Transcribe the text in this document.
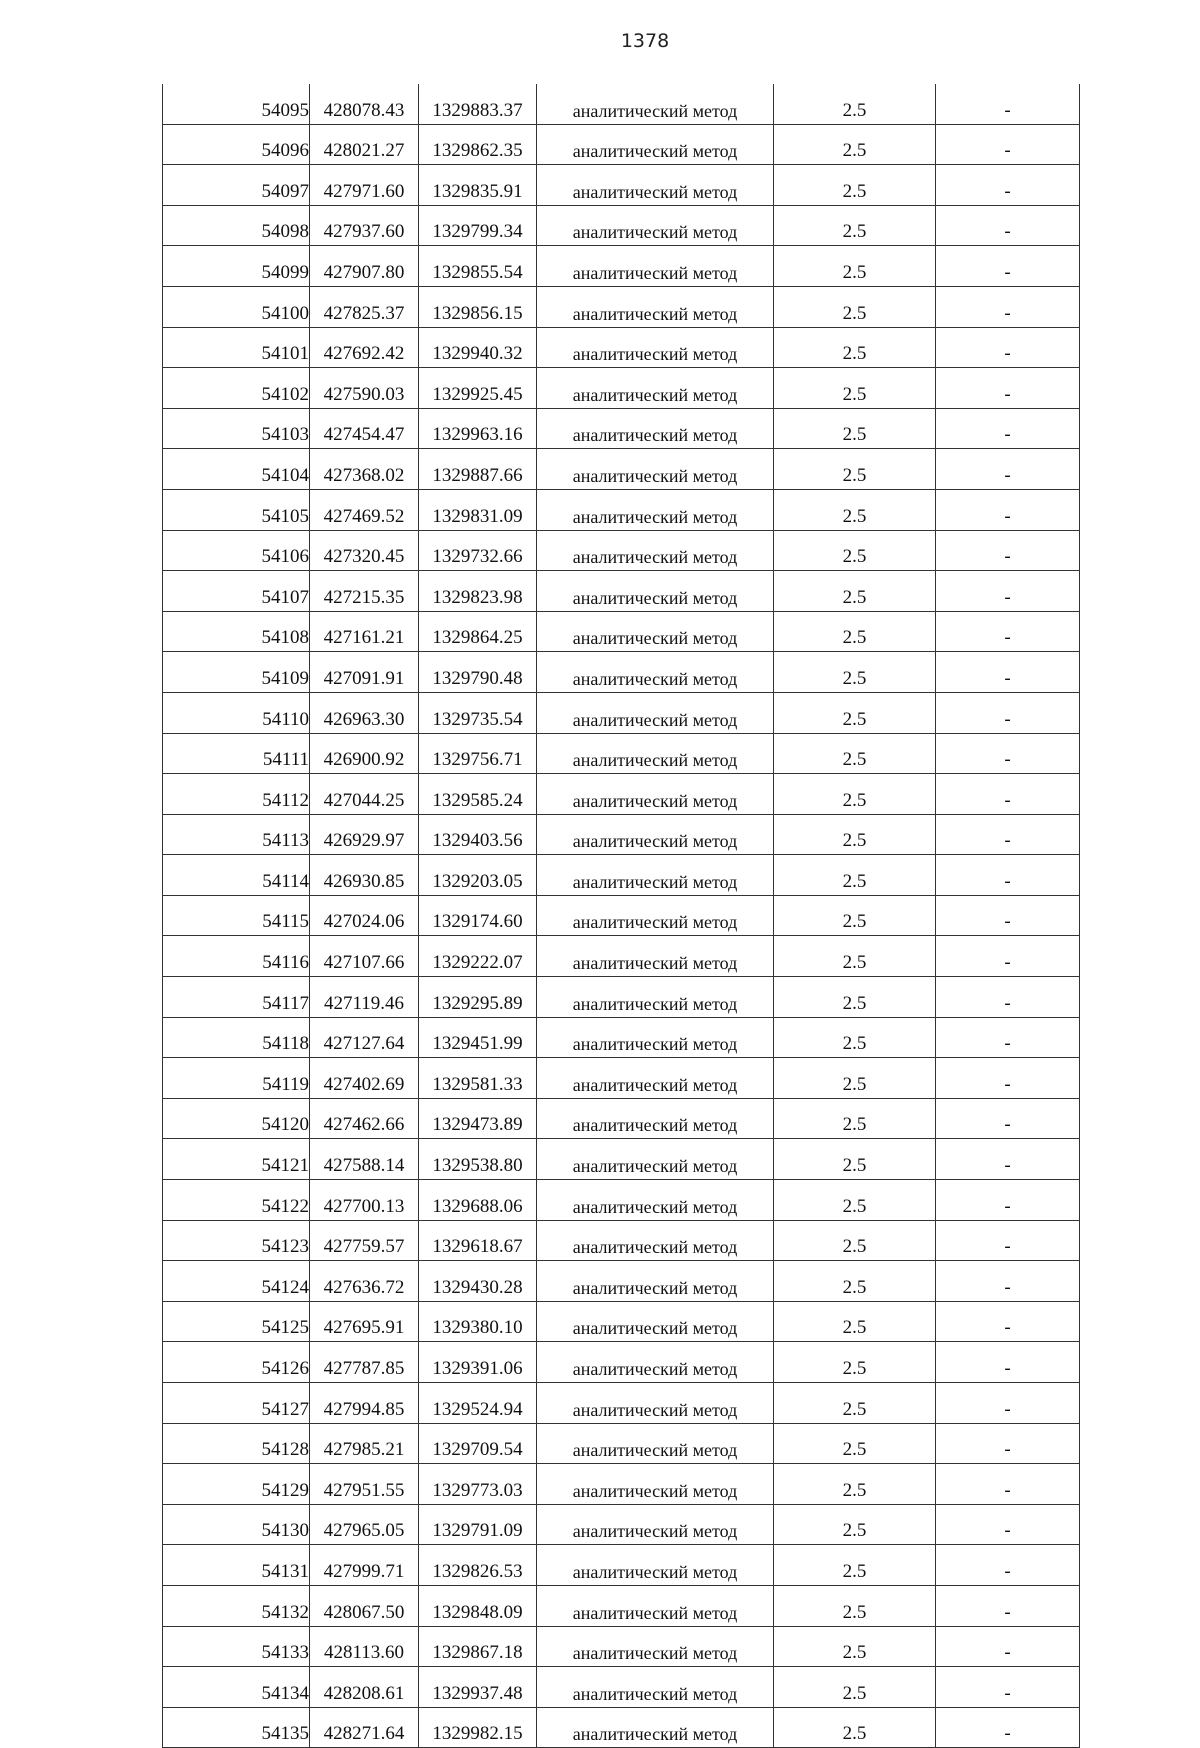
1378
54095	428078.43	1329883.37	аналитический метод	2.5	-
54096	428021.27	1329862.35	аналитический метод	2.5	-
54097	427971.60	1329835.91	аналитический метод	2.5	-
54098	427937.60	1329799.34	аналитический метод	2.5	-
54099	427907.80	1329855.54	аналитический метод	2.5	-
54100	427825.37	1329856.15	аналитический метод	2.5	-
54101	427692.42	1329940.32	аналитический метод	2.5	-
54102	427590.03	1329925.45	аналитический метод	2.5	-
54103	427454.47	1329963.16	аналитический метод	2.5	-
54104	427368.02	1329887.66	аналитический метод	2.5	-
54105	427469.52	1329831.09	аналитический метод	2.5	-
54106	427320.45	1329732.66	аналитический метод	2.5	-
54107	427215.35	1329823.98	аналитический метод	2.5	-
54108	427161.21	1329864.25	аналитический метод	2.5	-
54109	427091.91	1329790.48	аналитический метод	2.5	-
54110	426963.30	1329735.54	аналитический метод	2.5	-
54111	426900.92	1329756.71	аналитический метод	2.5	-
54112	427044.25	1329585.24	аналитический метод	2.5	-
54113	426929.97	1329403.56	аналитический метод	2.5	-
54114	426930.85	1329203.05	аналитический метод	2.5	-
54115	427024.06	1329174.60	аналитический метод	2.5	-
54116	427107.66	1329222.07	аналитический метод	2.5	-
54117	427119.46	1329295.89	аналитический метод	2.5	-
54118	427127.64	1329451.99	аналитический метод	2.5	-
54119	427402.69	1329581.33	аналитический метод	2.5	-
54120	427462.66	1329473.89	аналитический метод	2.5	-
54121	427588.14	1329538.80	аналитический метод	2.5	-
54122	427700.13	1329688.06	аналитический метод	2.5	-
54123	427759.57	1329618.67	аналитический метод	2.5	-
54124	427636.72	1329430.28	аналитический метод	2.5	-
54125	427695.91	1329380.10	аналитический метод	2.5	-
54126	427787.85	1329391.06	аналитический метод	2.5	-
54127	427994.85	1329524.94	аналитический метод	2.5	-
54128	427985.21	1329709.54	аналитический метод	2.5	-
54129	427951.55	1329773.03	аналитический метод	2.5	-
54130	427965.05	1329791.09	аналитический метод	2.5	-
54131	427999.71	1329826.53	аналитический метод	2.5	-
54132	428067.50	1329848.09	аналитический метод	2.5	-
54133	428113.60	1329867.18	аналитический метод	2.5	-
54134	428208.61	1329937.48	аналитический метод	2.5	-
54135	428271.64	1329982.15	аналитический метод	2.5	-
